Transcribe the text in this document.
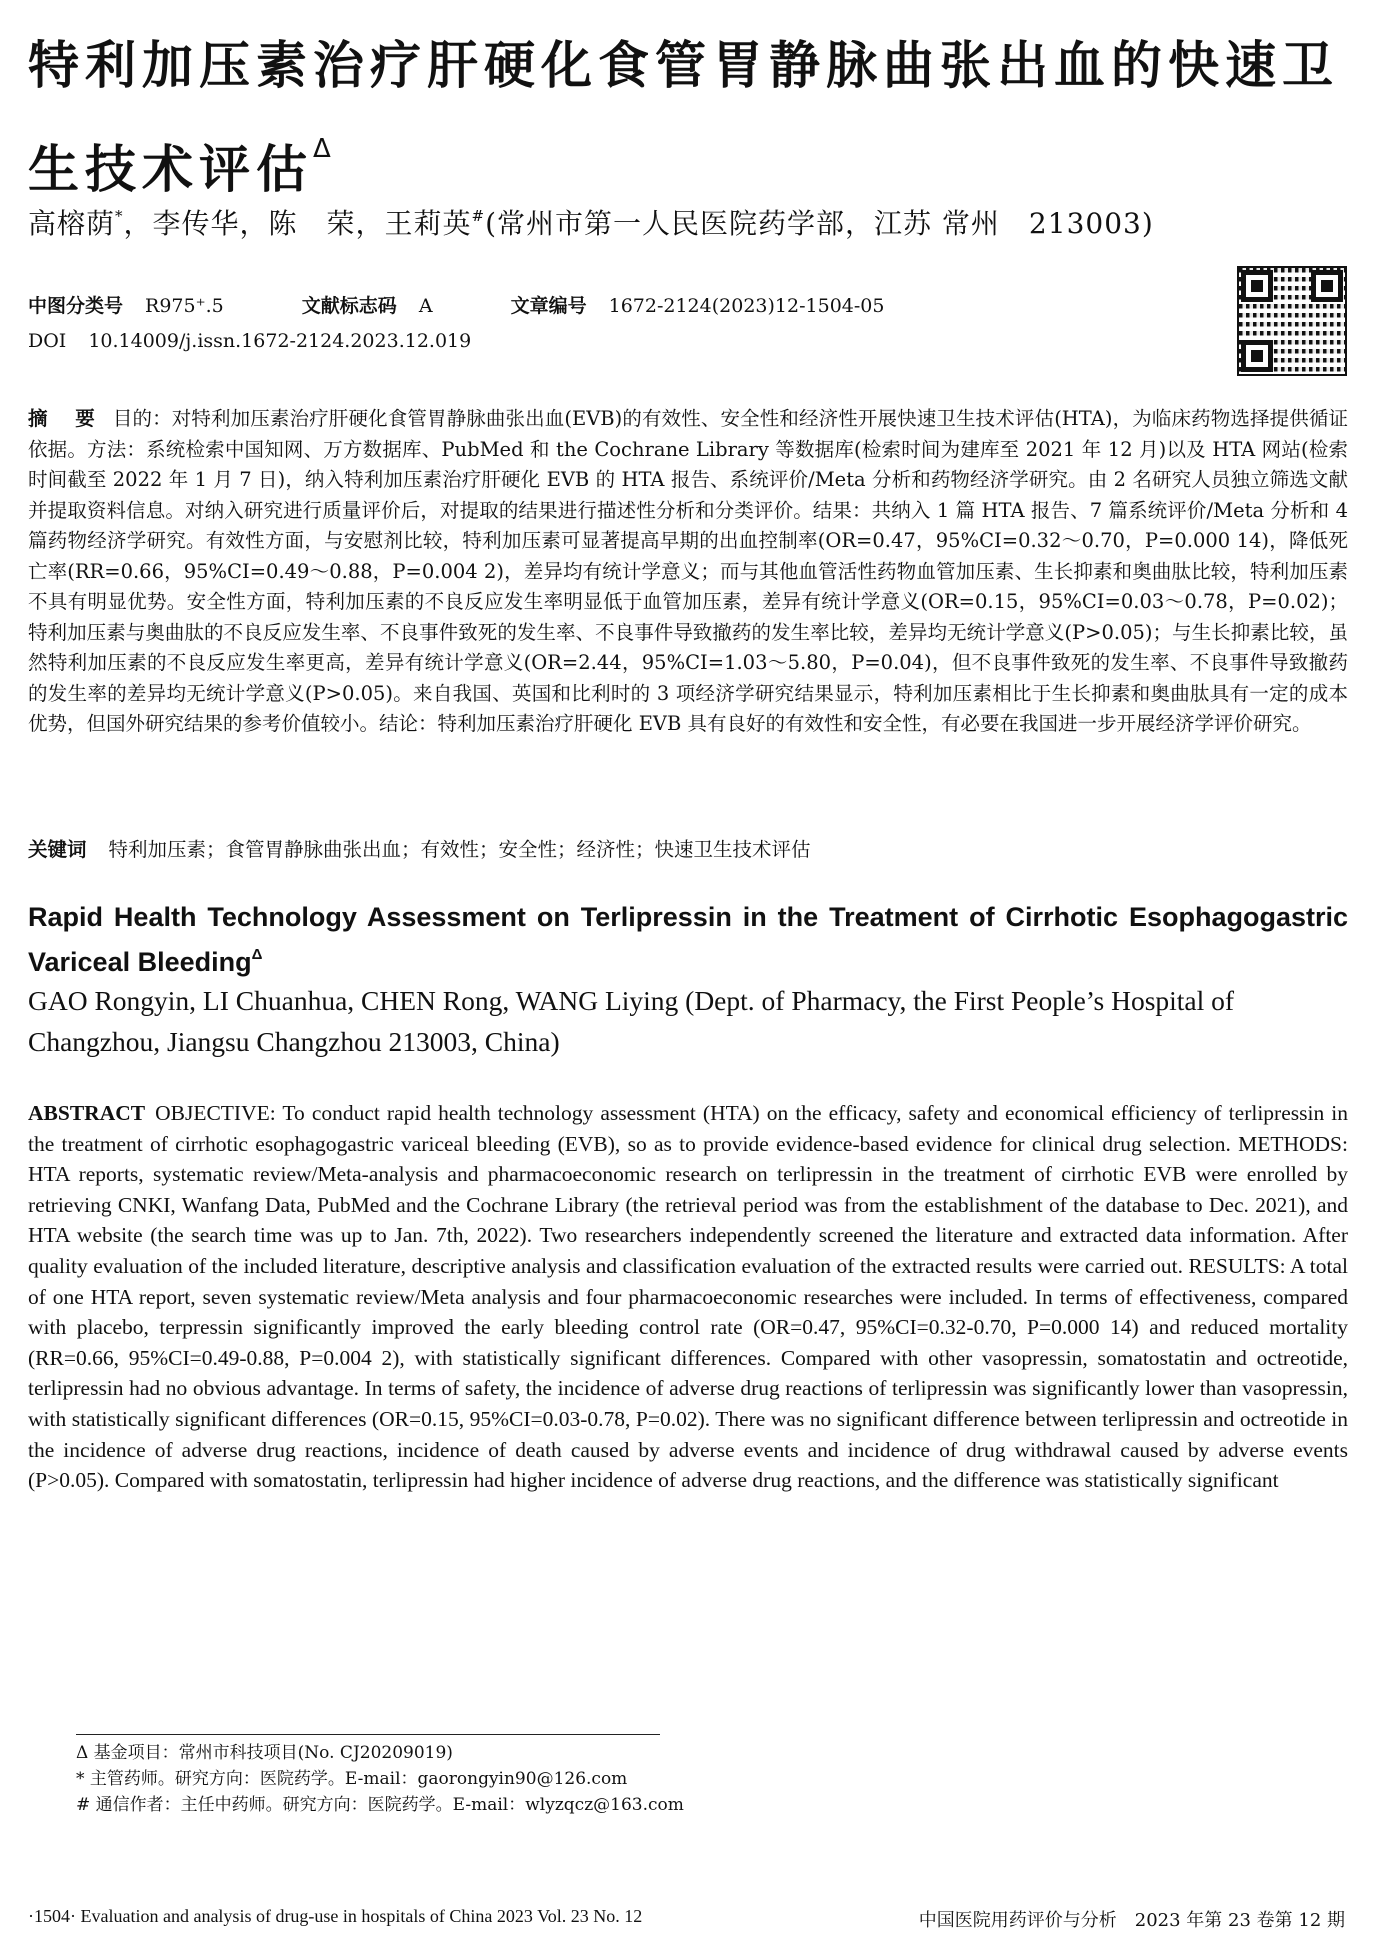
特利加压素治疗肝硬化食管胃静脉曲张出血的快速卫生技术评估$^\Delta$
高榕荫*，李传华，陈　荣，王莉英#(常州市第一人民医院药学部，江苏 常州　213003)
中图分类号 R975⁺.5	文献标志码 A	文章编号 1672-2124(2023)12-1504-05
DOI 10.14009/j.issn.1672-2124.2023.12.019
摘　要 目的：对特利加压素治疗肝硬化食管胃静脉曲张出血(EVB)的有效性、安全性和经济性开展快速卫生技术评估(HTA)，为临床药物选择提供循证依据。方法：系统检索中国知网、万方数据库、PubMed 和 the Cochrane Library 等数据库(检索时间为建库至 2021 年 12 月)以及 HTA 网站(检索时间截至 2022 年 1 月 7 日)，纳入特利加压素治疗肝硬化 EVB 的 HTA 报告、系统评价/Meta 分析和药物经济学研究。由 2 名研究人员独立筛选文献并提取资料信息。对纳入研究进行质量评价后，对提取的结果进行描述性分析和分类评价。结果：共纳入 1 篇 HTA 报告、7 篇系统评价/Meta 分析和 4 篇药物经济学研究。有效性方面，与安慰剂比较，特利加压素可显著提高早期的出血控制率(OR=0.47，95%CI=0.32～0.70，P=0.000 14)，降低死亡率(RR=0.66，95%CI=0.49～0.88，P=0.004 2)，差异均有统计学意义；而与其他血管活性药物血管加压素、生长抑素和奥曲肽比较，特利加压素不具有明显优势。安全性方面，特利加压素的不良反应发生率明显低于血管加压素，差异有统计学意义(OR=0.15，95%CI=0.03～0.78，P=0.02)；特利加压素与奥曲肽的不良反应发生率、不良事件致死的发生率、不良事件导致撤药的发生率比较，差异均无统计学意义(P>0.05)；与生长抑素比较，虽然特利加压素的不良反应发生率更高，差异有统计学意义(OR=2.44，95%CI=1.03～5.80，P=0.04)，但不良事件致死的发生率、不良事件导致撤药的发生率的差异均无统计学意义(P>0.05)。来自我国、英国和比利时的 3 项经济学研究结果显示，特利加压素相比于生长抑素和奥曲肽具有一定的成本优势，但国外研究结果的参考价值较小。结论：特利加压素治疗肝硬化 EVB 具有良好的有效性和安全性，有必要在我国进一步开展经济学评价研究。
关键词 特利加压素；食管胃静脉曲张出血；有效性；安全性；经济性；快速卫生技术评估
Rapid Health Technology Assessment on Terlipressin in the Treatment of Cirrhotic Esophagogastric Variceal Bleeding$^\Delta$
GAO Rongyin, LI Chuanhua, CHEN Rong, WANG Liying (Dept. of Pharmacy, the First People’s Hospital of Changzhou, Jiangsu Changzhou 213003, China)
ABSTRACT OBJECTIVE: To conduct rapid health technology assessment (HTA) on the efficacy, safety and economical efficiency of terlipressin in the treatment of cirrhotic esophagogastric variceal bleeding (EVB), so as to provide evidence-based evidence for clinical drug selection. METHODS: HTA reports, systematic review/Meta-analysis and pharmacoeconomic research on terlipressin in the treatment of cirrhotic EVB were enrolled by retrieving CNKI, Wanfang Data, PubMed and the Cochrane Library (the retrieval period was from the establishment of the database to Dec. 2021), and HTA website (the search time was up to Jan. 7th, 2022). Two researchers independently screened the literature and extracted data information. After quality evaluation of the included literature, descriptive analysis and classification evaluation of the extracted results were carried out. RESULTS: A total of one HTA report, seven systematic review/Meta analysis and four pharmacoeconomic researches were included. In terms of effectiveness, compared with placebo, terpressin significantly improved the early bleeding control rate (OR=0.47, 95%CI=0.32-0.70, P=0.000 14) and reduced mortality (RR=0.66, 95%CI=0.49-0.88, P=0.004 2), with statistically significant differences. Compared with other vasopressin, somatostatin and octreotide, terlipressin had no obvious advantage. In terms of safety, the incidence of adverse drug reactions of terlipressin was significantly lower than vasopressin, with statistically significant differences (OR=0.15, 95%CI=0.03-0.78, P=0.02). There was no significant difference between terlipressin and octreotide in the incidence of adverse drug reactions, incidence of death caused by adverse events and incidence of drug withdrawal caused by adverse events (P>0.05). Compared with somatostatin, terlipressin had higher incidence of adverse drug reactions, and the difference was statistically significant
Δ 基金项目：常州市科技项目(No. CJ20209019)
* 主管药师。研究方向：医院药学。E-mail：gaorongyin90@126.com
# 通信作者：主任中药师。研究方向：医院药学。E-mail：wlyzqcz@163.com
·1504· Evaluation and analysis of drug-use in hospitals of China 2023 Vol. 23 No. 12	中国医院用药评价与分析　2023 年第 23 卷第 12 期
